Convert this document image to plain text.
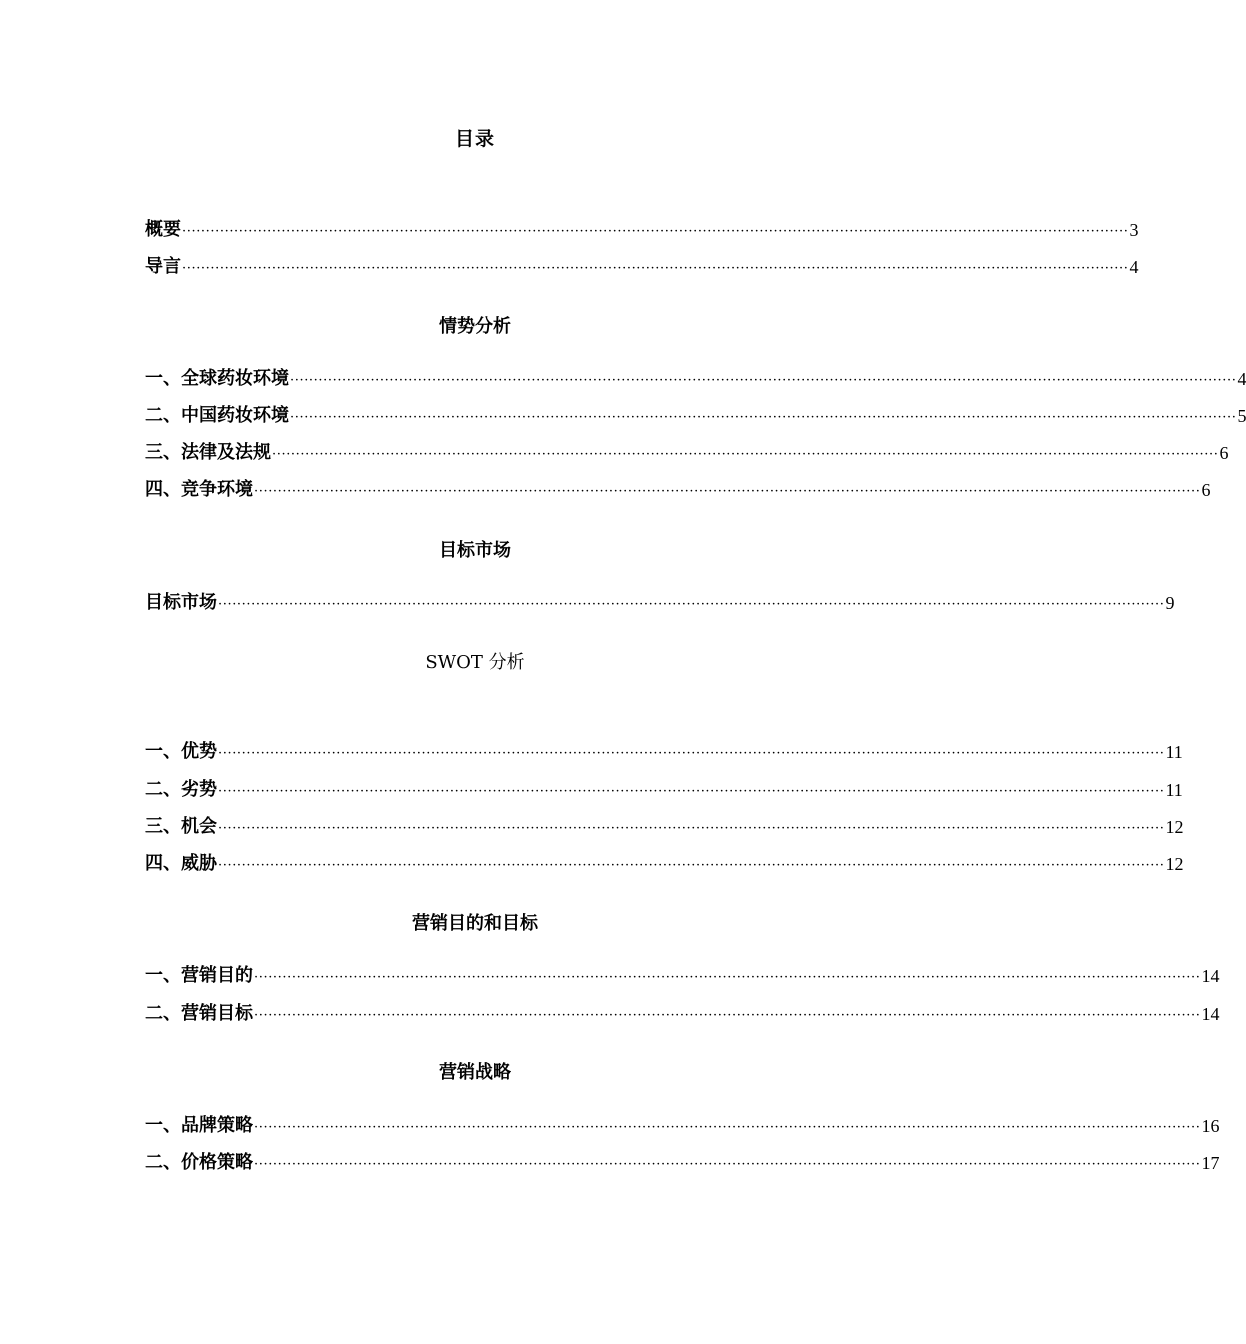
目录
概要 ········································································································································································································ 3
导言 ········································································································································································································ 4
情势分析
一、全球药妆环境 ········································································································································································································ 4
二、中国药妆环境 ········································································································································································································ 5
三、法律及法规 ········································································································································································································ 6
四、竞争环境 ········································································································································································································ 6
目标市场
目标市场 ········································································································································································································ 9
SWOT 分析
一、优势 ········································································································································································································ 11
二、劣势 ········································································································································································································ 11
三、机会 ········································································································································································································ 12
四、威胁 ········································································································································································································ 12
营销目的和目标
一、营销目的 ········································································································································································································ 14
二、营销目标 ········································································································································································································ 14
营销战略
一、品牌策略 ········································································································································································································ 16
二、价格策略 ········································································································································································································ 17
